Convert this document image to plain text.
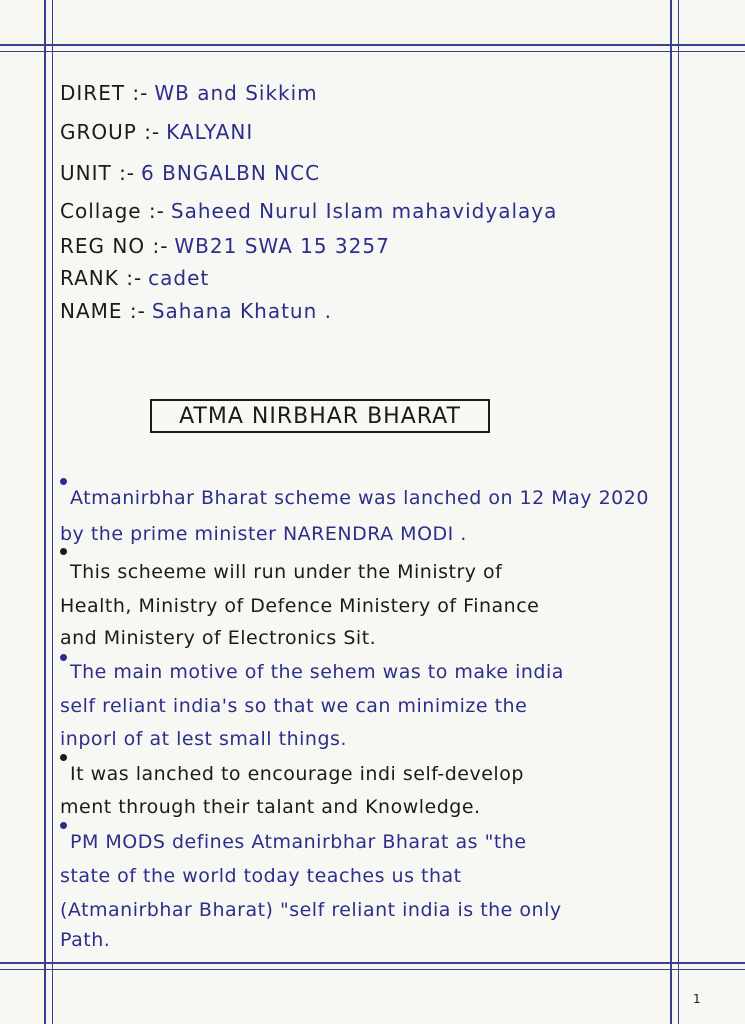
DIRET :- WB and Sikkim
GROUP :- KALYANI
UNIT :- 6 BNGALBN NCC
Collage :- Saheed Nurul Islam mahavidyalaya
REG NO :- WB21 SWA 15 3257
RANK :- cadet
NAME :- Sahana Khatun .
ATMA NIRBHAR BHARAT
Atmanirbhar Bharat scheme was lanched on 12 May 2020
by the prime minister NARENDRA MODI .
This scheeme will run under the Ministry of
Health, Ministry of Defence Ministery of Finance
and Ministery of Electronics Sit.
The main motive of the sehem was to make india
self reliant india's so that we can minimize the
inporl of at lest small things.
It was lanched to encourage indi self-develop
ment through their talant and Knowledge.
PM MODS defines Atmanirbhar Bharat as "the
state of the world today teaches us that
(Atmanirbhar Bharat) "self reliant india is the only
Path.
1
